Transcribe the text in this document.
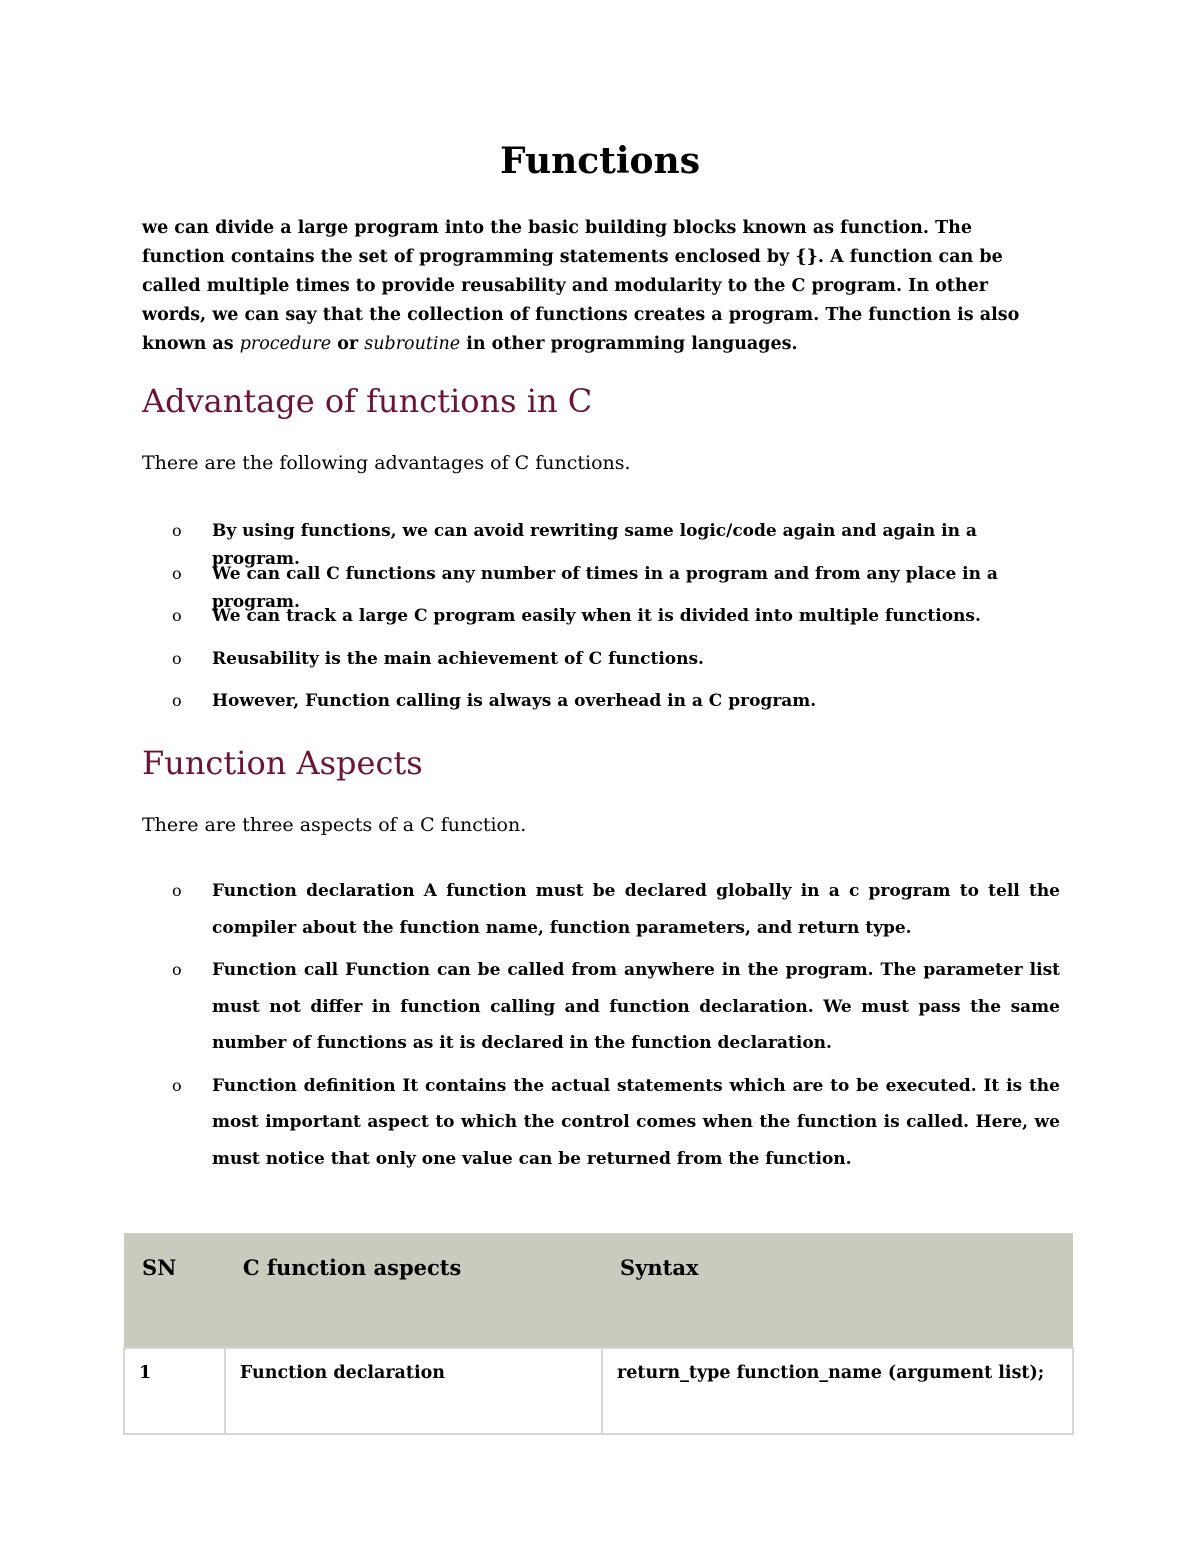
Functions

we can divide a large program into the basic building blocks known as function. The function contains the set of programming statements enclosed by {}. A function can be called multiple times to provide reusability and modularity to the C program. In other words, we can say that the collection of functions creates a program. The function is also known as procedure or subroutine in other programming languages.

Advantage of functions in C

There are the following advantages of C functions.

o By using functions, we can avoid rewriting same logic/code again and again in a program.
o We can call C functions any number of times in a program and from any place in a program.
o We can track a large C program easily when it is divided into multiple functions.
o Reusability is the main achievement of C functions.
o However, Function calling is always a overhead in a C program.
Function Aspects

There are three aspects of a C function.

o Function declaration A function must be declared globally in a c program to tell the compiler about the function name, function parameters, and return type.
o Function call Function can be called from anywhere in the program. The parameter list must not differ in function calling and function declaration. We must pass the same number of functions as it is declared in the function declaration.
o Function definition It contains the actual statements which are to be executed. It is the most important aspect to which the control comes when the function is called. Here, we must notice that only one value can be returned from the function.
SN	C function aspects	Syntax
1	Function declaration	return_type function_name (argument list);
